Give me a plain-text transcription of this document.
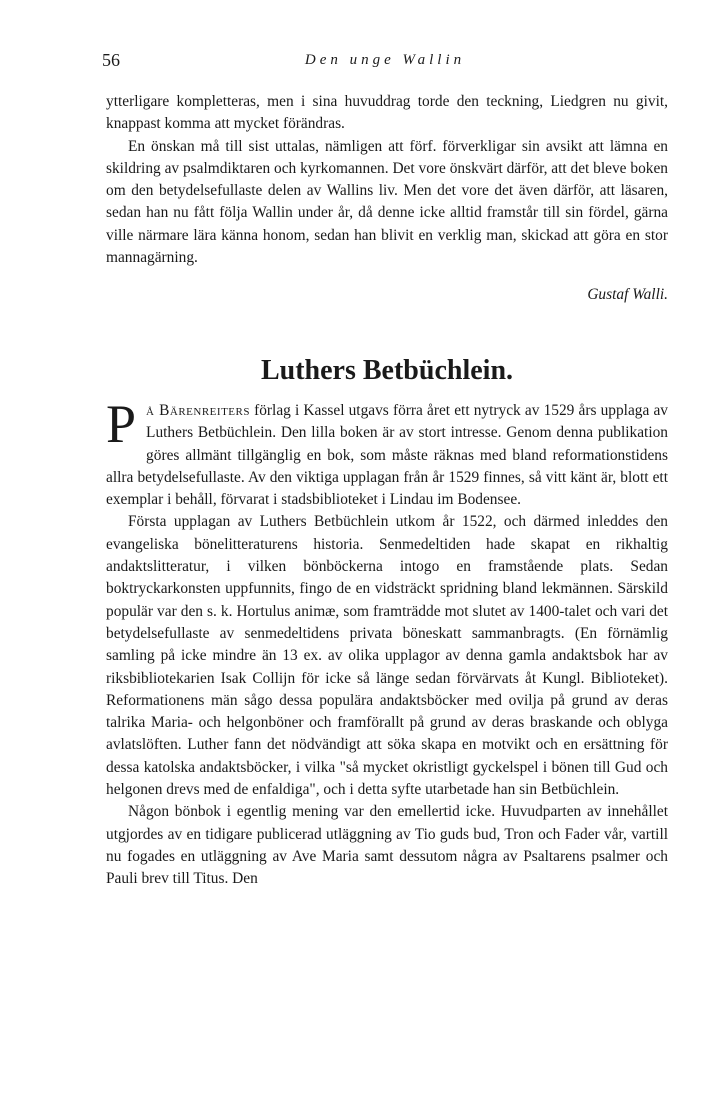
56	Den unge Wallin

ytterligare kompletteras, men i sina huvuddrag torde den teckning, Liedgren nu givit, knappast komma att mycket förändras.

En önskan må till sist uttalas, nämligen att förf. förverkligar sin avsikt att lämna en skildring av psalmdiktaren och kyrkomannen. Det vore önskvärt därför, att det bleve boken om den betydelsefullaste delen av Wallins liv. Men det vore det även därför, att läsaren, sedan han nu fått följa Wallin under år, då denne icke alltid framstår till sin fördel, gärna ville närmare lära känna honom, sedan han blivit en verklig man, skickad att göra en stor mannagärning.

Gustaf Walli.
Luthers Betbüchlein.

På Bärenreiters förlag i Kassel utgavs förra året ett nytryck av 1529 års upplaga av Luthers Betbüchlein. Den lilla boken är av stort intresse. Genom denna publikation göres allmänt tillgänglig en bok, som måste räknas med bland reformationstidens allra betydelsefullaste. Av den viktiga upplagan från år 1529 finnes, så vitt känt är, blott ett exemplar i behåll, förvarat i stadsbiblioteket i Lindau im Bodensee.

Första upplagan av Luthers Betbüchlein utkom år 1522, och därmed inleddes den evangeliska bönelitteraturens historia. Senmedeltiden hade skapat en rikhaltig andaktslitteratur, i vilken bönböckerna intogo en framstående plats. Sedan boktryckarkonsten uppfunnits, fingo de en vidsträckt spridning bland lekmännen. Särskild populär var den s. k. Hortulus animæ, som framträdde mot slutet av 1400-talet och vari det betydelsefullaste av senmedeltidens privata böneskatt sammanbragts. (En förnämlig samling på icke mindre än 13 ex. av olika upplagor av denna gamla andaktsbok har av riksbibliotekarien Isak Collijn för icke så länge sedan förvärvats åt Kungl. Biblioteket). Reformationens män sågo dessa populära andaktsböcker med ovilja på grund av deras talrika Maria- och helgonböner och framförallt på grund av deras braskande och oblyga avlatslöften. Luther fann det nödvändigt att söka skapa en motvikt och en ersättning för dessa katolska andaktsböcker, i vilka "så mycket okristligt gyckelspel i bönen till Gud och helgonen drevs med de enfaldiga", och i detta syfte utarbetade han sin Betbüchlein.

Någon bönbok i egentlig mening var den emellertid icke. Huvudparten av innehållet utgjordes av en tidigare publicerad utläggning av Tio guds bud, Tron och Fader vår, vartill nu fogades en utläggning av Ave Maria samt dessutom några av Psaltarens psalmer och Pauli brev till Titus. Den
